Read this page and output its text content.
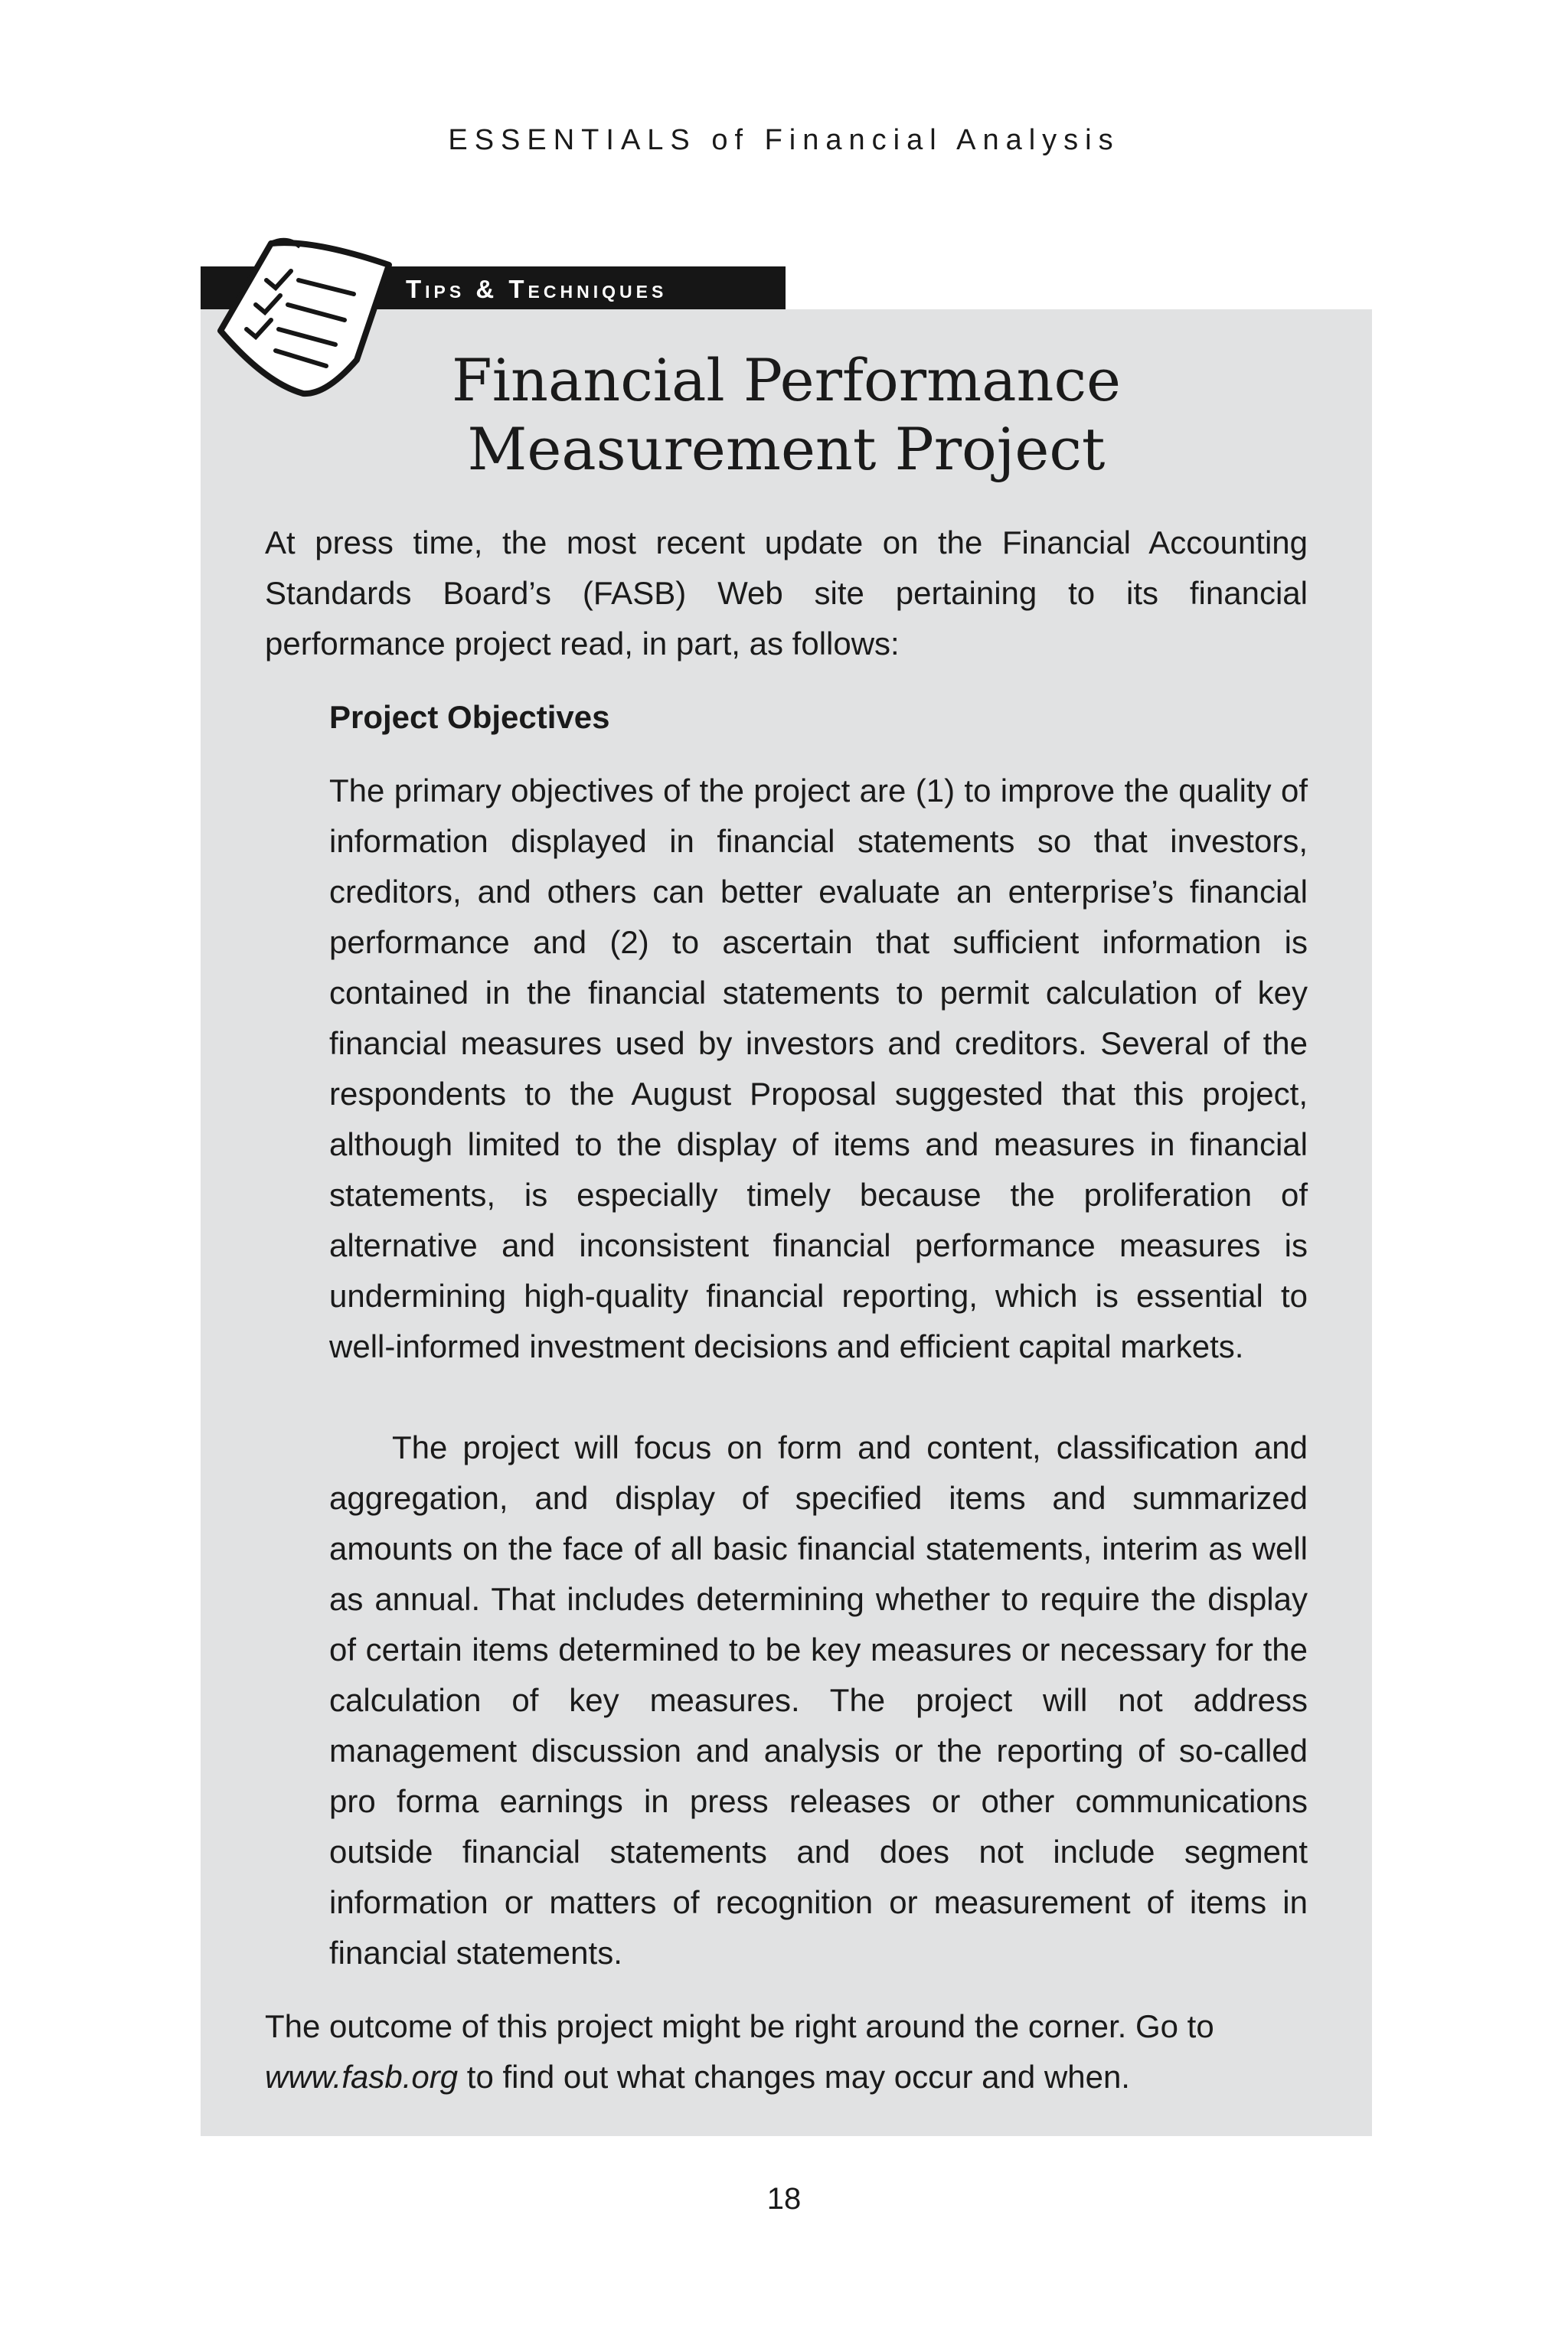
ESSENTIALS of Financial Analysis
Tips & Techniques
Financial Performance
Measurement Project

At press time, the most recent update on the Financial Accounting Standards Board’s (FASB) Web site pertaining to its financial performance project read, in part, as follows:

Project Objectives

The primary objectives of the project are (1) to improve the quality of information displayed in financial statements so that investors, creditors, and others can better evaluate an enterprise’s financial performance and (2) to ascertain that sufficient information is contained in the financial statements to permit calculation of key financial measures used by investors and creditors. Several of the respondents to the August Proposal suggested that this project, although limited to the display of items and measures in financial statements, is especially timely because the proliferation of alternative and inconsistent financial performance measures is undermining high-quality financial reporting, which is essential to well-informed investment decisions and efficient capital markets.

The project will focus on form and content, classification and aggregation, and display of specified items and summarized amounts on the face of all basic financial statements, interim as well as annual. That includes determining whether to require the display of certain items determined to be key measures or necessary for the calculation of key measures. The project will not address management discussion and analysis or the reporting of so-called pro forma earnings in press releases or other communications outside financial statements and does not include segment information or matters of recognition or measurement of items in financial statements.

The outcome of this project might be right around the corner. Go to www.fasb.org to find out what changes may occur and when.

18
